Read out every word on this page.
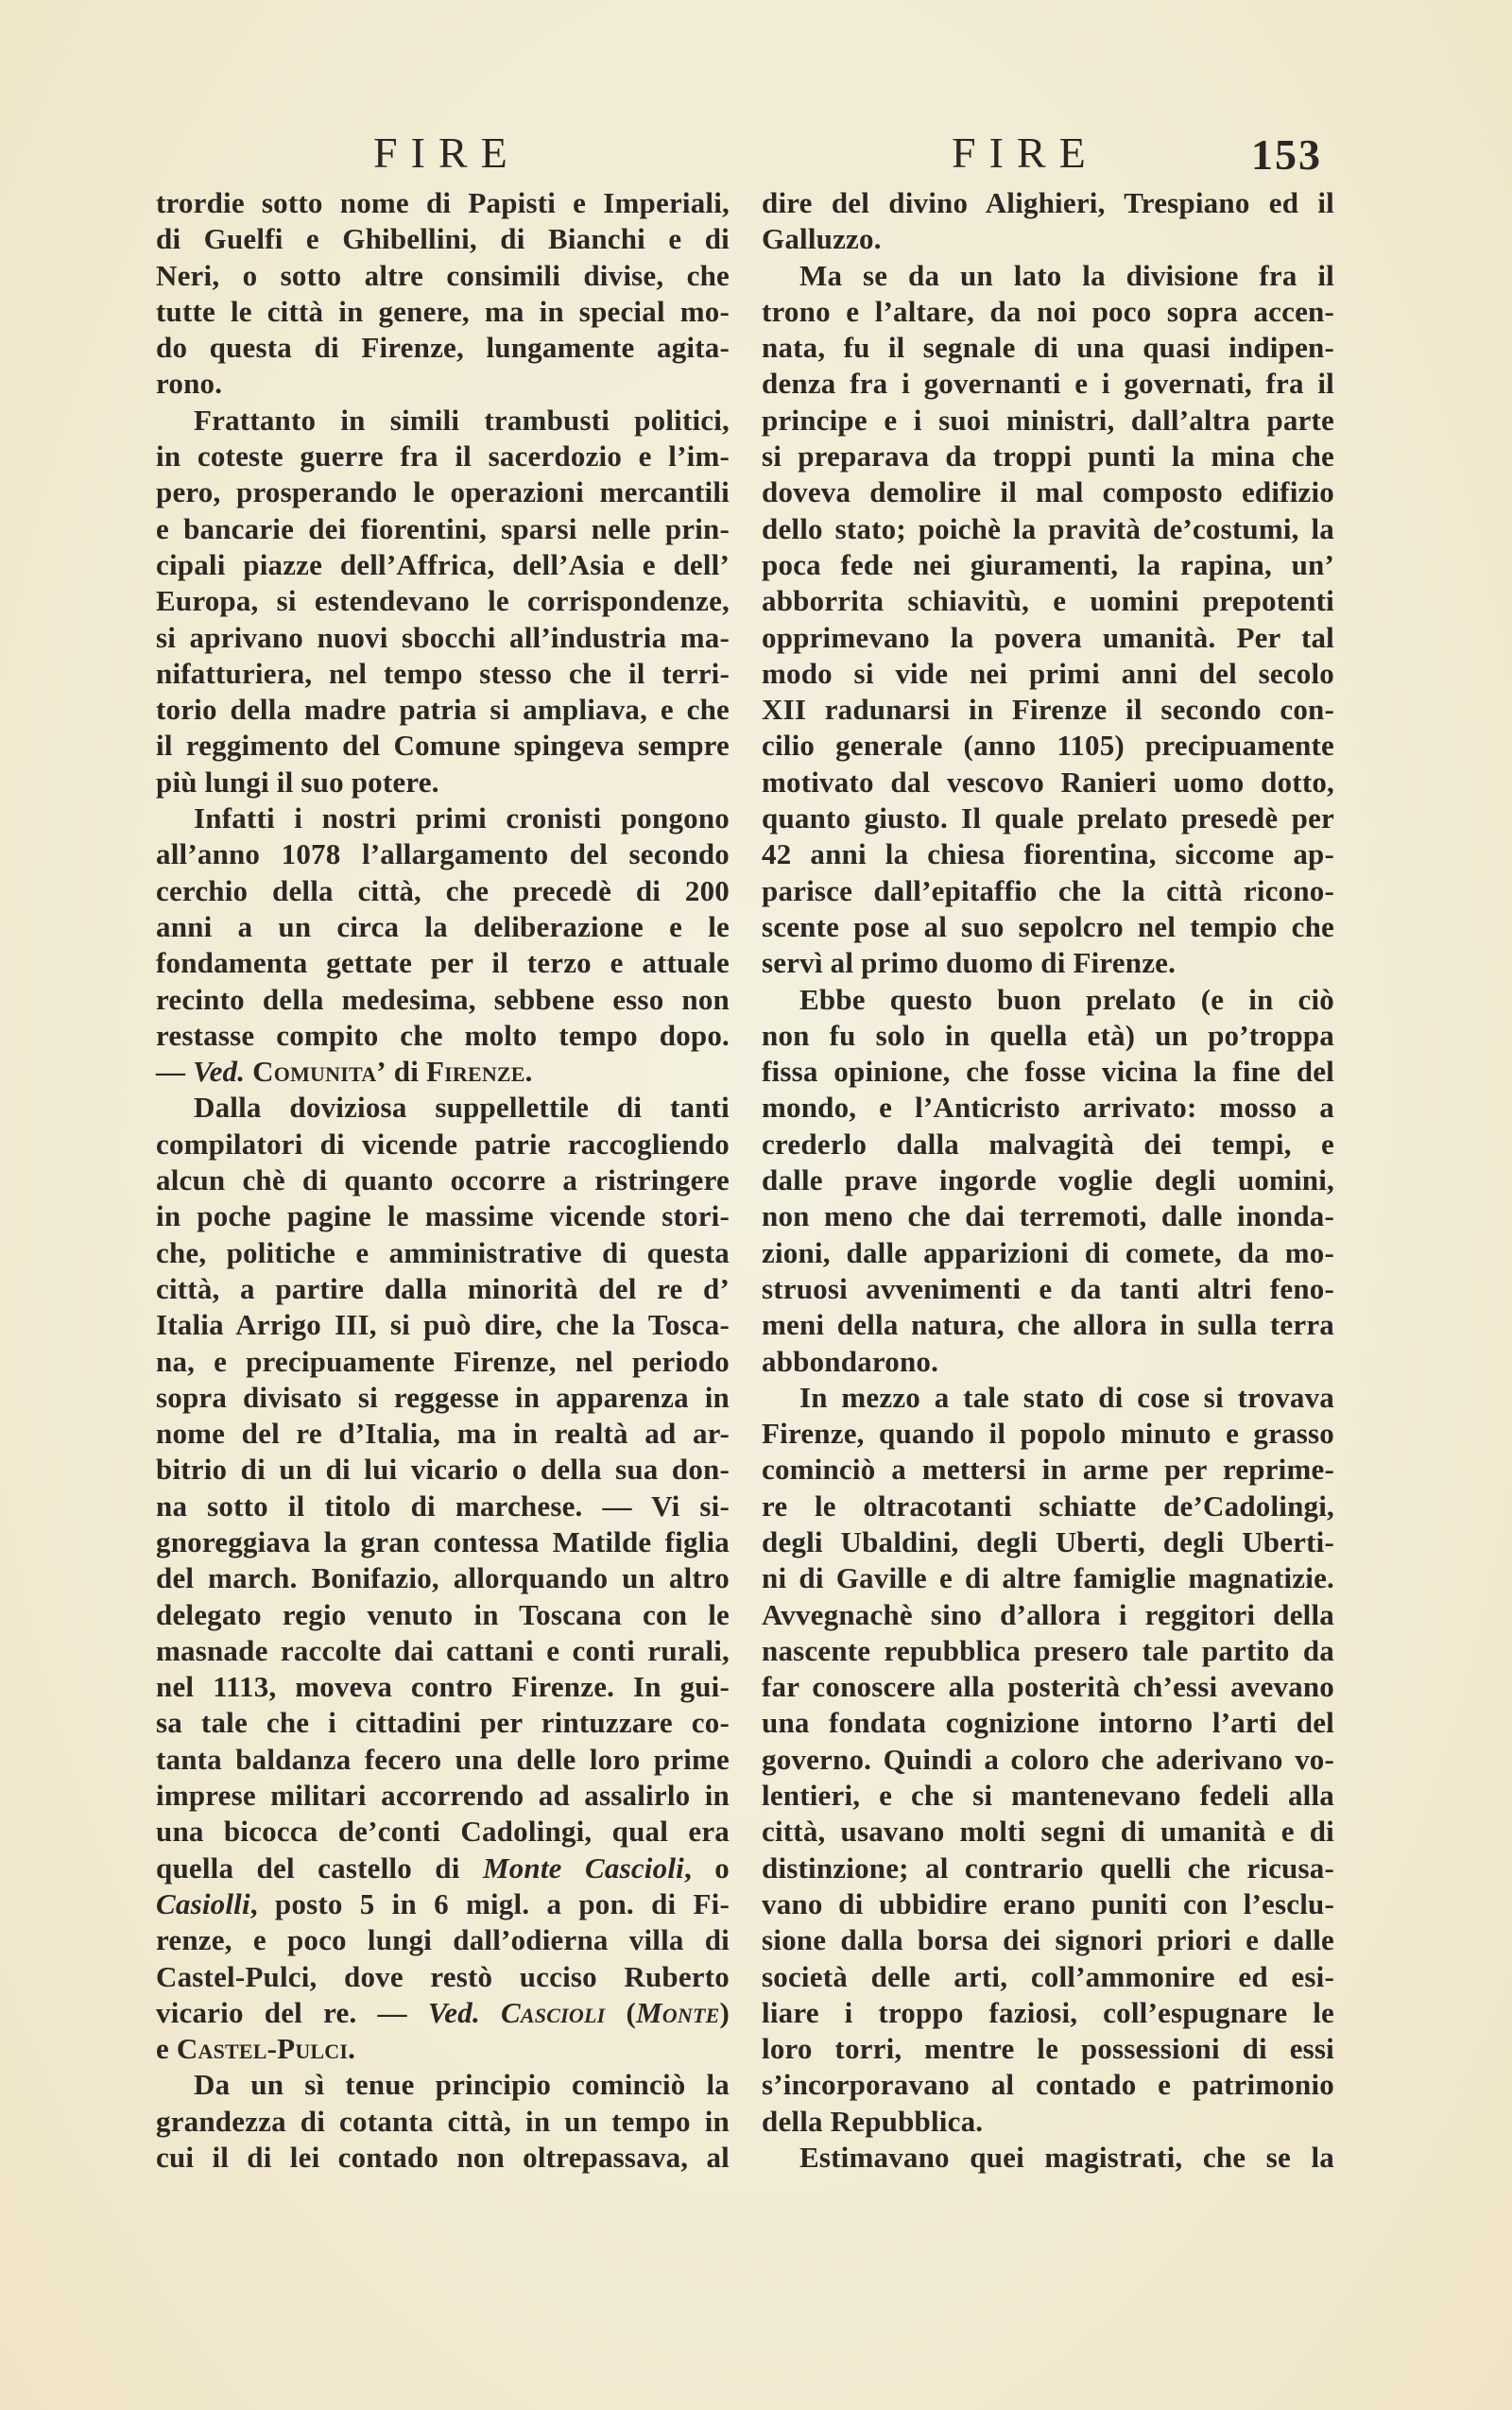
FIRE	FIRE	153
trordie sotto nome di Papisti e Imperiali,
di Guelfi e Ghibellini, di Bianchi e di
Neri, o sotto altre consimili divise, che
tutte le città in genere, ma in special mo-
do questa di Firenze, lungamente agita-
rono.
Frattanto in simili trambusti politici,
in coteste guerre fra il sacerdozio e l’im-
pero, prosperando le operazioni mercantili
e bancarie dei fiorentini, sparsi nelle prin-
cipali piazze dell’Affrica, dell’Asia e dell’
Europa, si estendevano le corrispondenze,
si aprivano nuovi sbocchi all’industria ma-
nifatturiera, nel tempo stesso che il terri-
torio della madre patria si ampliava, e che
il reggimento del Comune spingeva sempre
più lungi il suo potere.
Infatti i nostri primi cronisti pongono
all’anno 1078 l’allargamento del secondo
cerchio della città, che precedè di 200
anni a un circa la deliberazione e le
fondamenta gettate per il terzo e attuale
recinto della medesima, sebbene esso non
restasse compito che molto tempo dopo.
— Ved. Comunita’ di Firenze.
Dalla doviziosa suppellettile di tanti
compilatori di vicende patrie raccogliendo
alcun chè di quanto occorre a ristringere
in poche pagine le massime vicende stori-
che, politiche e amministrative di questa
città, a partire dalla minorità del re d’
Italia Arrigo III, si può dire, che la Tosca-
na, e precipuamente Firenze, nel periodo
sopra divisato si reggesse in apparenza in
nome del re d’Italia, ma in realtà ad ar-
bitrio di un di lui vicario o della sua don-
na sotto il titolo di marchese. — Vi si-
gnoreggiava la gran contessa Matilde figlia
del march. Bonifazio, allorquando un altro
delegato regio venuto in Toscana con le
masnade raccolte dai cattani e conti rurali,
nel 1113, moveva contro Firenze. In gui-
sa tale che i cittadini per rintuzzare co-
tanta baldanza fecero una delle loro prime
imprese militari accorrendo ad assalirlo in
una bicocca de’conti Cadolingi, qual era
quella del castello di Monte Cascioli, o
Casiolli, posto 5 in 6 migl. a pon. di Fi-
renze, e poco lungi dall’odierna villa di
Castel-Pulci, dove restò ucciso Ruberto
vicario del re. — Ved. Cascioli (Monte)
e Castel-Pulci.
Da un sì tenue principio cominciò la
grandezza di cotanta città, in un tempo in
cui il di lei contado non oltrepassava, al
dire del divino Alighieri, Trespiano ed il
Galluzzo.
Ma se da un lato la divisione fra il
trono e l’altare, da noi poco sopra accen-
nata, fu il segnale di una quasi indipen-
denza fra i governanti e i governati, fra il
principe e i suoi ministri, dall’altra parte
si preparava da troppi punti la mina che
doveva demolire il mal composto edifizio
dello stato; poichè la pravità de’costumi, la
poca fede nei giuramenti, la rapina, un’
abborrita schiavitù, e uomini prepotenti
opprimevano la povera umanità. Per tal
modo si vide nei primi anni del secolo
XII radunarsi in Firenze il secondo con-
cilio generale (anno 1105) precipuamente
motivato dal vescovo Ranieri uomo dotto,
quanto giusto. Il quale prelato presedè per
42 anni la chiesa fiorentina, siccome ap-
parisce dall’epitaffio che la città ricono-
scente pose al suo sepolcro nel tempio che
servì al primo duomo di Firenze.
Ebbe questo buon prelato (e in ciò
non fu solo in quella età) un po’troppa
fissa opinione, che fosse vicina la fine del
mondo, e l’Anticristo arrivato: mosso a
crederlo dalla malvagità dei tempi, e
dalle prave ingorde voglie degli uomini,
non meno che dai terremoti, dalle inonda-
zioni, dalle apparizioni di comete, da mo-
struosi avvenimenti e da tanti altri feno-
meni della natura, che allora in sulla terra
abbondarono.
In mezzo a tale stato di cose si trovava
Firenze, quando il popolo minuto e grasso
cominciò a mettersi in arme per reprime-
re le oltracotanti schiatte de’Cadolingi,
degli Ubaldini, degli Uberti, degli Uberti-
ni di Gaville e di altre famiglie magnatizie.
Avvegnachè sino d’allora i reggitori della
nascente repubblica presero tale partito da
far conoscere alla posterità ch’essi avevano
una fondata cognizione intorno l’arti del
governo. Quindi a coloro che aderivano vo-
lentieri, e che si mantenevano fedeli alla
città, usavano molti segni di umanità e di
distinzione; al contrario quelli che ricusa-
vano di ubbidire erano puniti con l’esclu-
sione dalla borsa dei signori priori e dalle
società delle arti, coll’ammonire ed esi-
liare i troppo faziosi, coll’espugnare le
loro torri, mentre le possessioni di essi
s’incorporavano al contado e patrimonio
della Repubblica.
Estimavano quei magistrati, che se la
